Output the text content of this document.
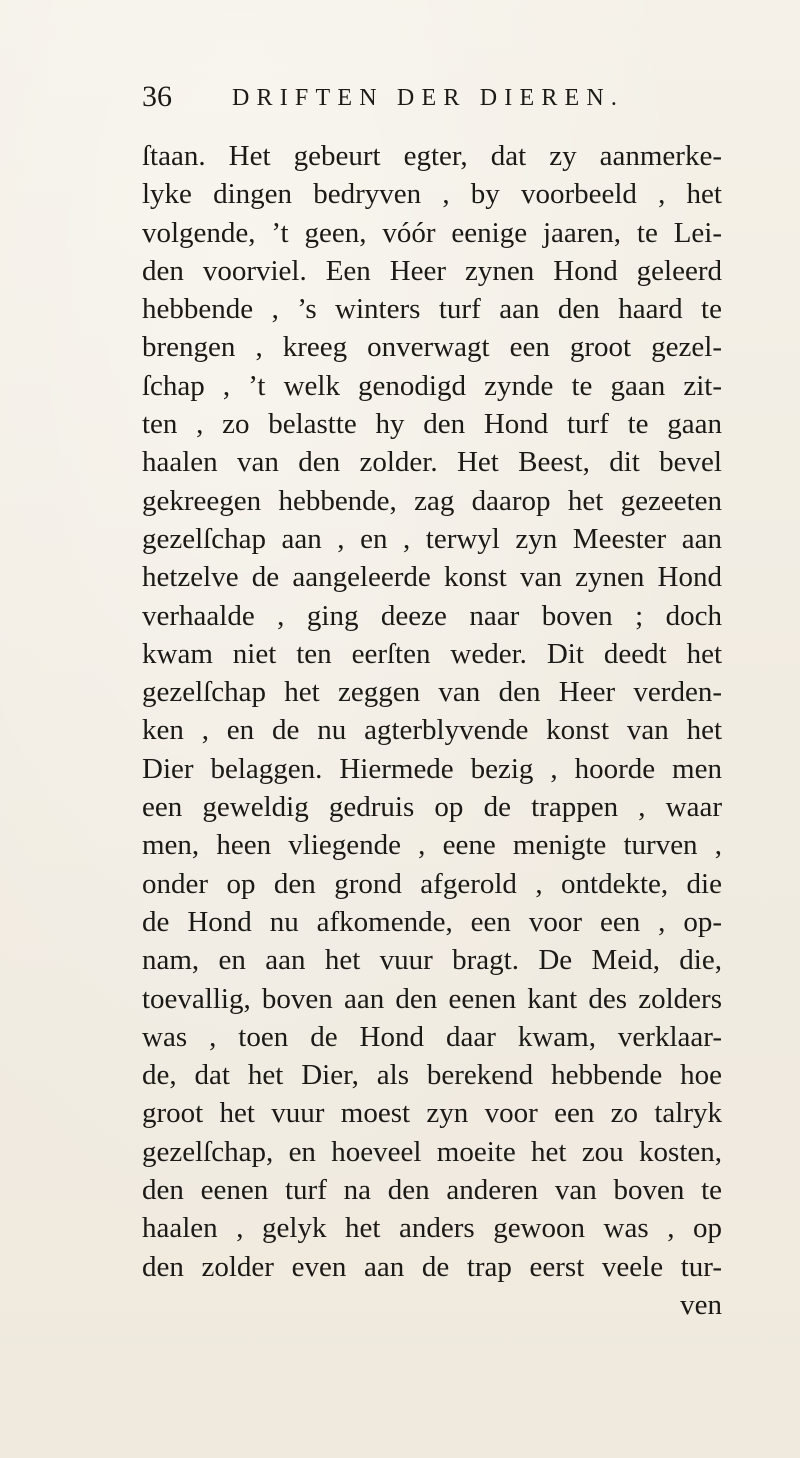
36	DRIFTEN DER DIEREN.
ſtaan. Het gebeurt egter, dat zy aanmerke-
lyke dingen bedryven , by voorbeeld , het
volgende, ’t geen, vóór eenige jaaren, te Lei-
den voorviel. Een Heer zynen Hond geleerd
hebbende , ’s winters turf aan den haard te
brengen , kreeg onverwagt een groot gezel-
ſchap , ’t welk genodigd zynde te gaan zit-
ten , zo belastte hy den Hond turf te gaan
haalen van den zolder. Het Beest, dit bevel
gekreegen hebbende, zag daarop het gezeeten
gezelſchap aan , en , terwyl zyn Meester aan
hetzelve de aangeleerde konst van zynen Hond
verhaalde , ging deeze naar boven ; doch
kwam niet ten eerſten weder. Dit deedt het
gezelſchap het zeggen van den Heer verden-
ken , en de nu agterblyvende konst van het
Dier belaggen. Hiermede bezig , hoorde men
een geweldig gedruis op de trappen , waar
men, heen vliegende , eene menigte turven ,
onder op den grond afgerold , ontdekte, die
de Hond nu afkomende, een voor een , op-
nam, en aan het vuur bragt. De Meid, die,
toevallig, boven aan den eenen kant des zolders
was , toen de Hond daar kwam, verklaar-
de, dat het Dier, als berekend hebbende hoe
groot het vuur moest zyn voor een zo talryk
gezelſchap, en hoeveel moeite het zou kosten,
den eenen turf na den anderen van boven te
haalen , gelyk het anders gewoon was , op
den zolder even aan de trap eerst veele tur-
ven
